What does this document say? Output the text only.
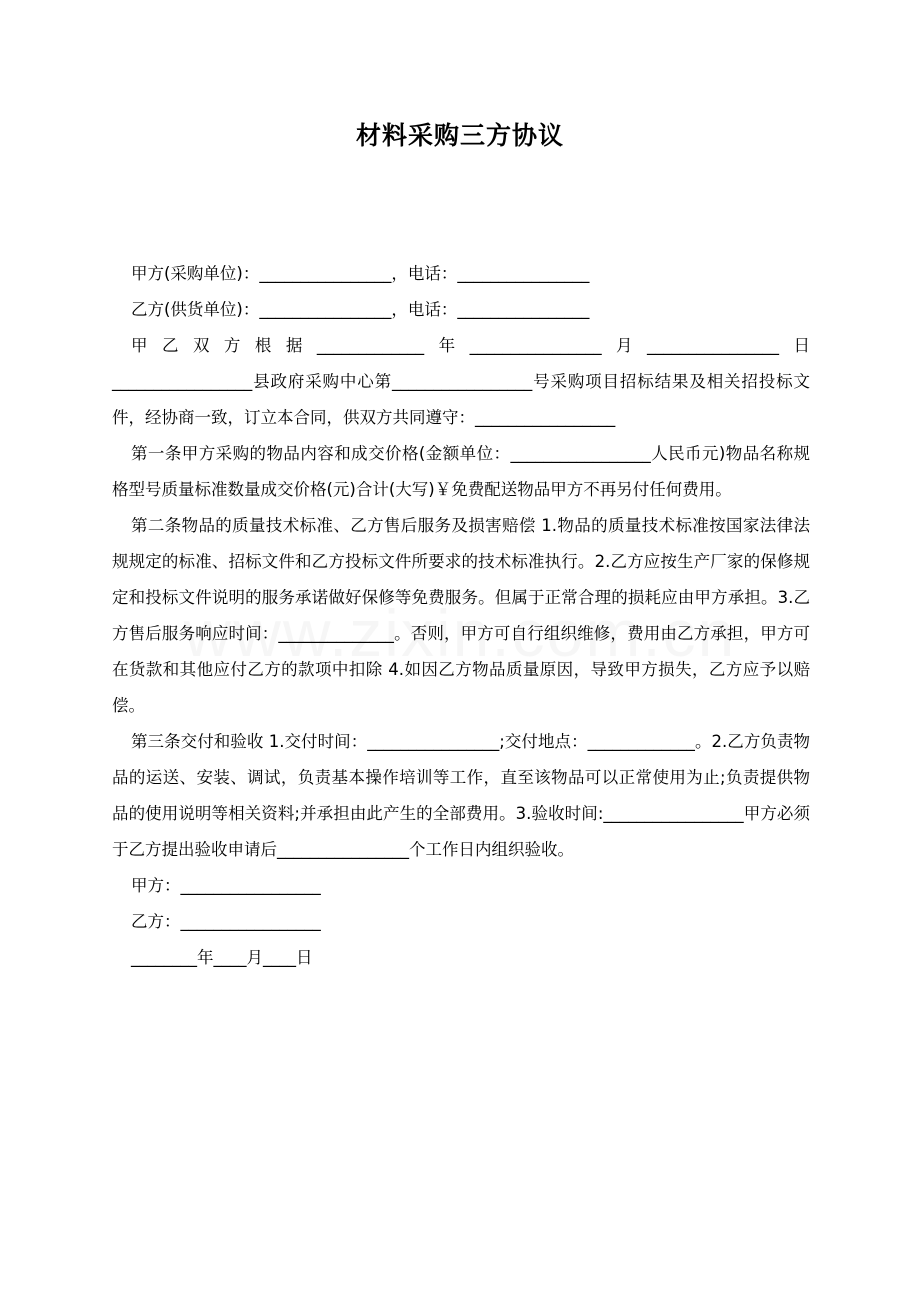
材料采购三方协议

甲方(采购单位)：________________，电话：________________

乙方(供货单位)：________________，电话：________________

甲乙双方根据_____________年________________月________________日

_________________县政府采购中心第_________________号采购项目招标结果及相关招投标文件，经协商一致，订立本合同，供双方共同遵守：_________________

第一条甲方采购的物品内容和成交价格(金额单位：_________________人民币元)物品名称规格型号质量标准数量成交价格(元)合计(大写)￥免费配送物品甲方不再另付任何费用。

第二条物品的质量技术标准、乙方售后服务及损害赔偿 1.物品的质量技术标准按国家法律法规规定的标准、招标文件和乙方投标文件所要求的技术标准执行。2.乙方应按生产厂家的保修规定和投标文件说明的服务承诺做好保修等免费服务。但属于正常合理的损耗应由甲方承担。3.乙方售后服务响应时间：______________。否则，甲方可自行组织维修，费用由乙方承担，甲方可在货款和其他应付乙方的款项中扣除 4.如因乙方物品质量原因，导致甲方损失，乙方应予以赔偿。

第三条交付和验收 1.交付时间：________________;交付地点：_____________。2.乙方负责物品的运送、安装、调试，负责基本操作培训等工作，直至该物品可以正常使用为止;负责提供物品的使用说明等相关资料;并承担由此产生的全部费用。3.验收时间:_________________甲方必须于乙方提出验收申请后________________个工作日内组织验收。

甲方：_________________

乙方：_________________

________年____月____日
